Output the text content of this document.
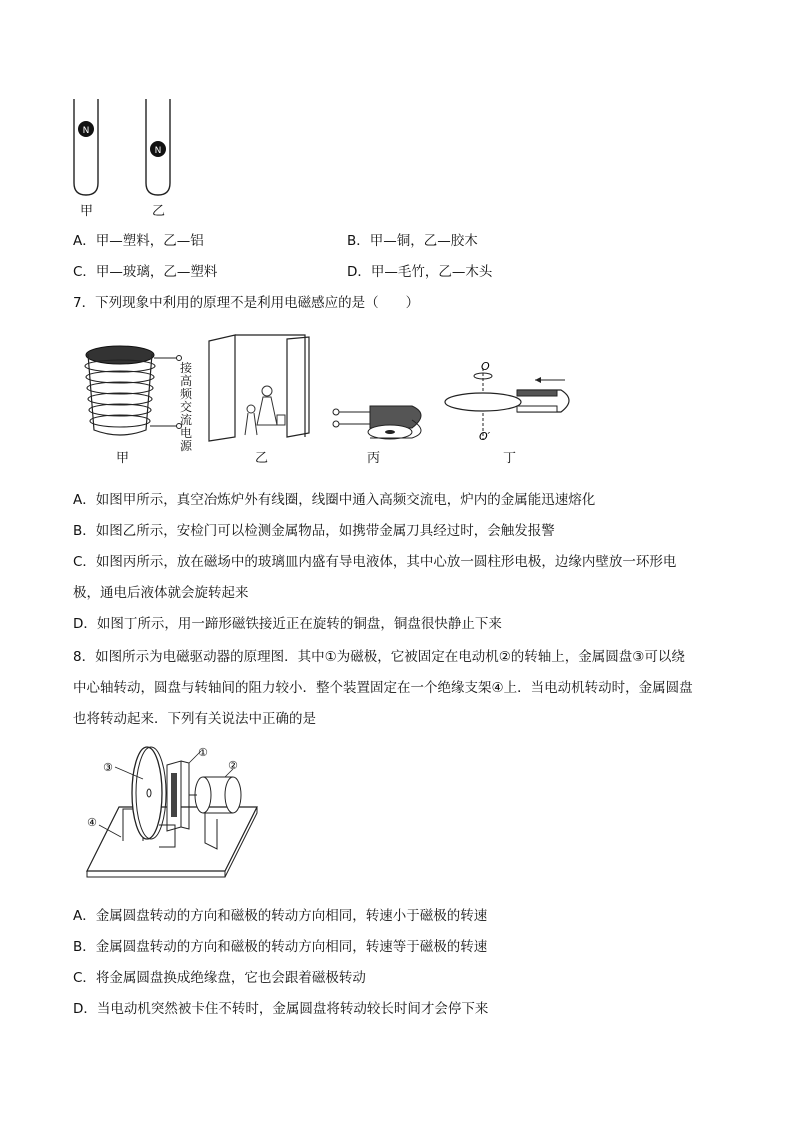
N
N
甲	乙
A．甲—塑料，乙—铝	B．甲—铜，乙—胶木
C．甲—玻璃，乙—塑料	D．甲—毛竹，乙—木头
7．下列现象中利用的原理不是利用电磁感应的是（　　）
接
高
频
交
流
电
源
甲	乙	丙
O
O′
丁
A．如图甲所示，真空冶炼炉外有线圈，线圈中通入高频交流电，炉内的金属能迅速熔化
B．如图乙所示，安检门可以检测金属物品，如携带金属刀具经过时，会触发报警
C．如图丙所示，放在磁场中的玻璃皿内盛有导电液体，其中心放一圆柱形电极，边缘内壁放一环形电
极，通电后液体就会旋转起来
D．如图丁所示，用一蹄形磁铁接近正在旋转的铜盘，铜盘很快静止下来
8．如图所示为电磁驱动器的原理图．其中①为磁极，它被固定在电动机②的转轴上，金属圆盘③可以绕
中心轴转动，圆盘与转轴间的阻力较小．整个装置固定在一个绝缘支架④上．当电动机转动时，金属圆盘
也将转动起来．下列有关说法中正确的是
①
②
③
④
A．金属圆盘转动的方向和磁极的转动方向相同，转速小于磁极的转速
B．金属圆盘转动的方向和磁极的转动方向相同，转速等于磁极的转速
C．将金属圆盘换成绝缘盘，它也会跟着磁极转动
D．当电动机突然被卡住不转时，金属圆盘将转动较长时间才会停下来
